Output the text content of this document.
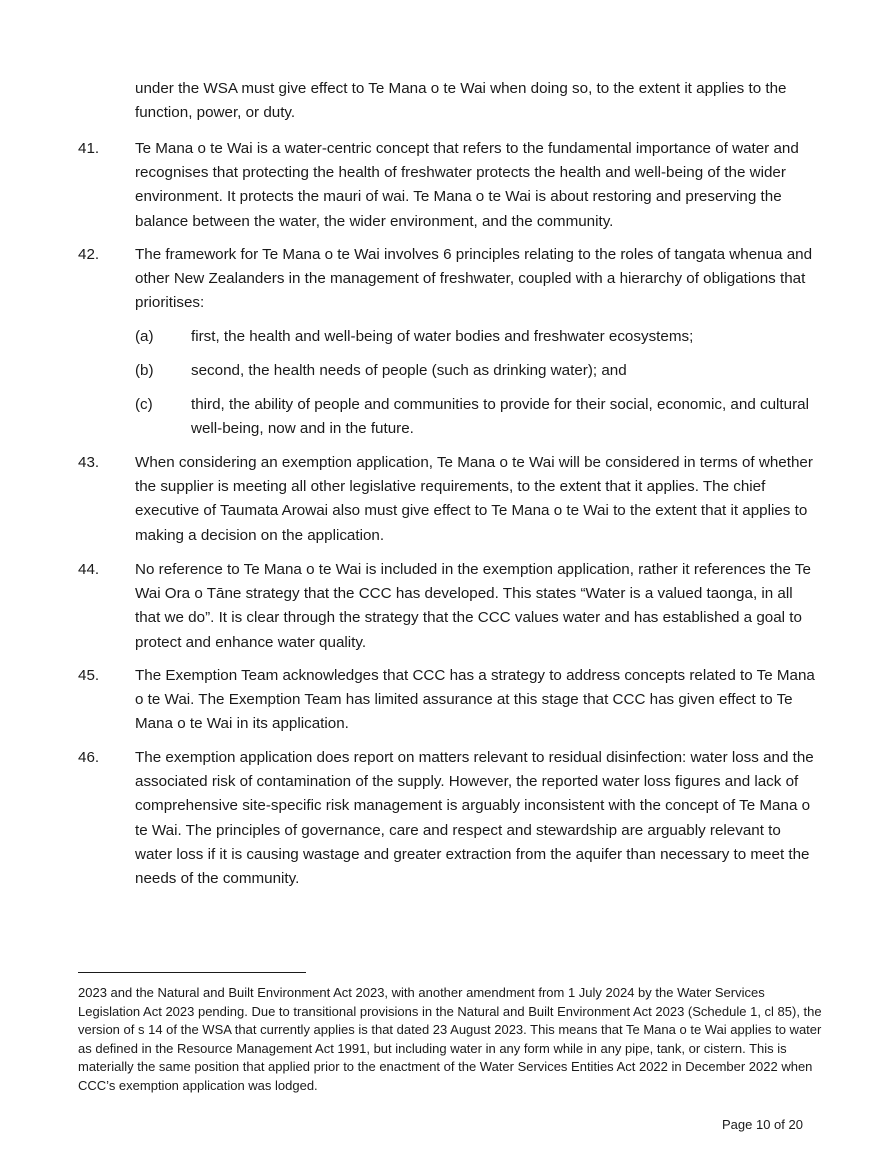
under the WSA must give effect to Te Mana o te Wai when doing so, to the extent it applies to the function, power, or duty.
41. Te Mana o te Wai is a water-centric concept that refers to the fundamental importance of water and recognises that protecting the health of freshwater protects the health and well-being of the wider environment. It protects the mauri of wai. Te Mana o te Wai is about restoring and preserving the balance between the water, the wider environment, and the community.
42. The framework for Te Mana o te Wai involves 6 principles relating to the roles of tangata whenua and other New Zealanders in the management of freshwater, coupled with a hierarchy of obligations that prioritises:
(a) first, the health and well-being of water bodies and freshwater ecosystems;
(b) second, the health needs of people (such as drinking water); and
(c)	third, the ability of people and communities to provide for their social, economic, and cultural well-being, now and in the future.
43. When considering an exemption application, Te Mana o te Wai will be considered in terms of whether the supplier is meeting all other legislative requirements, to the extent that it applies. The chief executive of Taumata Arowai also must give effect to Te Mana o te Wai to the extent that it applies to making a decision on the application.
44. No reference to Te Mana o te Wai is included in the exemption application, rather it references the Te Wai Ora o Tāne strategy that the CCC has developed. This states “Water is a valued taonga, in all that we do”. It is clear through the strategy that the CCC values water and has established a goal to protect and enhance water quality.
45. The Exemption Team acknowledges that CCC has a strategy to address concepts related to Te Mana o te Wai. The Exemption Team has limited assurance at this stage that CCC has given effect to Te Mana o te Wai in its application.
46. The exemption application does report on matters relevant to residual disinfection: water loss and the associated risk of contamination of the supply. However, the reported water loss figures and lack of comprehensive site-specific risk management is arguably inconsistent with the concept of Te Mana o te Wai. The principles of governance, care and respect and stewardship are arguably relevant to water loss if it is causing wastage and greater extraction from the aquifer than necessary to meet the needs of the community.
2023 and the Natural and Built Environment Act 2023, with another amendment from 1 July 2024 by the Water Services Legislation Act 2023 pending. Due to transitional provisions in the Natural and Built Environment Act 2023 (Schedule 1, cl 85), the version of s 14 of the WSA that currently applies is that dated 23 August 2023. This means that Te Mana o te Wai applies to water as defined in the Resource Management Act 1991, but including water in any form while in any pipe, tank, or cistern. This is materially the same position that applied prior to the enactment of the Water Services Entities Act 2022 in December 2022 when CCC’s exemption application was lodged.
Page 10 of 20
